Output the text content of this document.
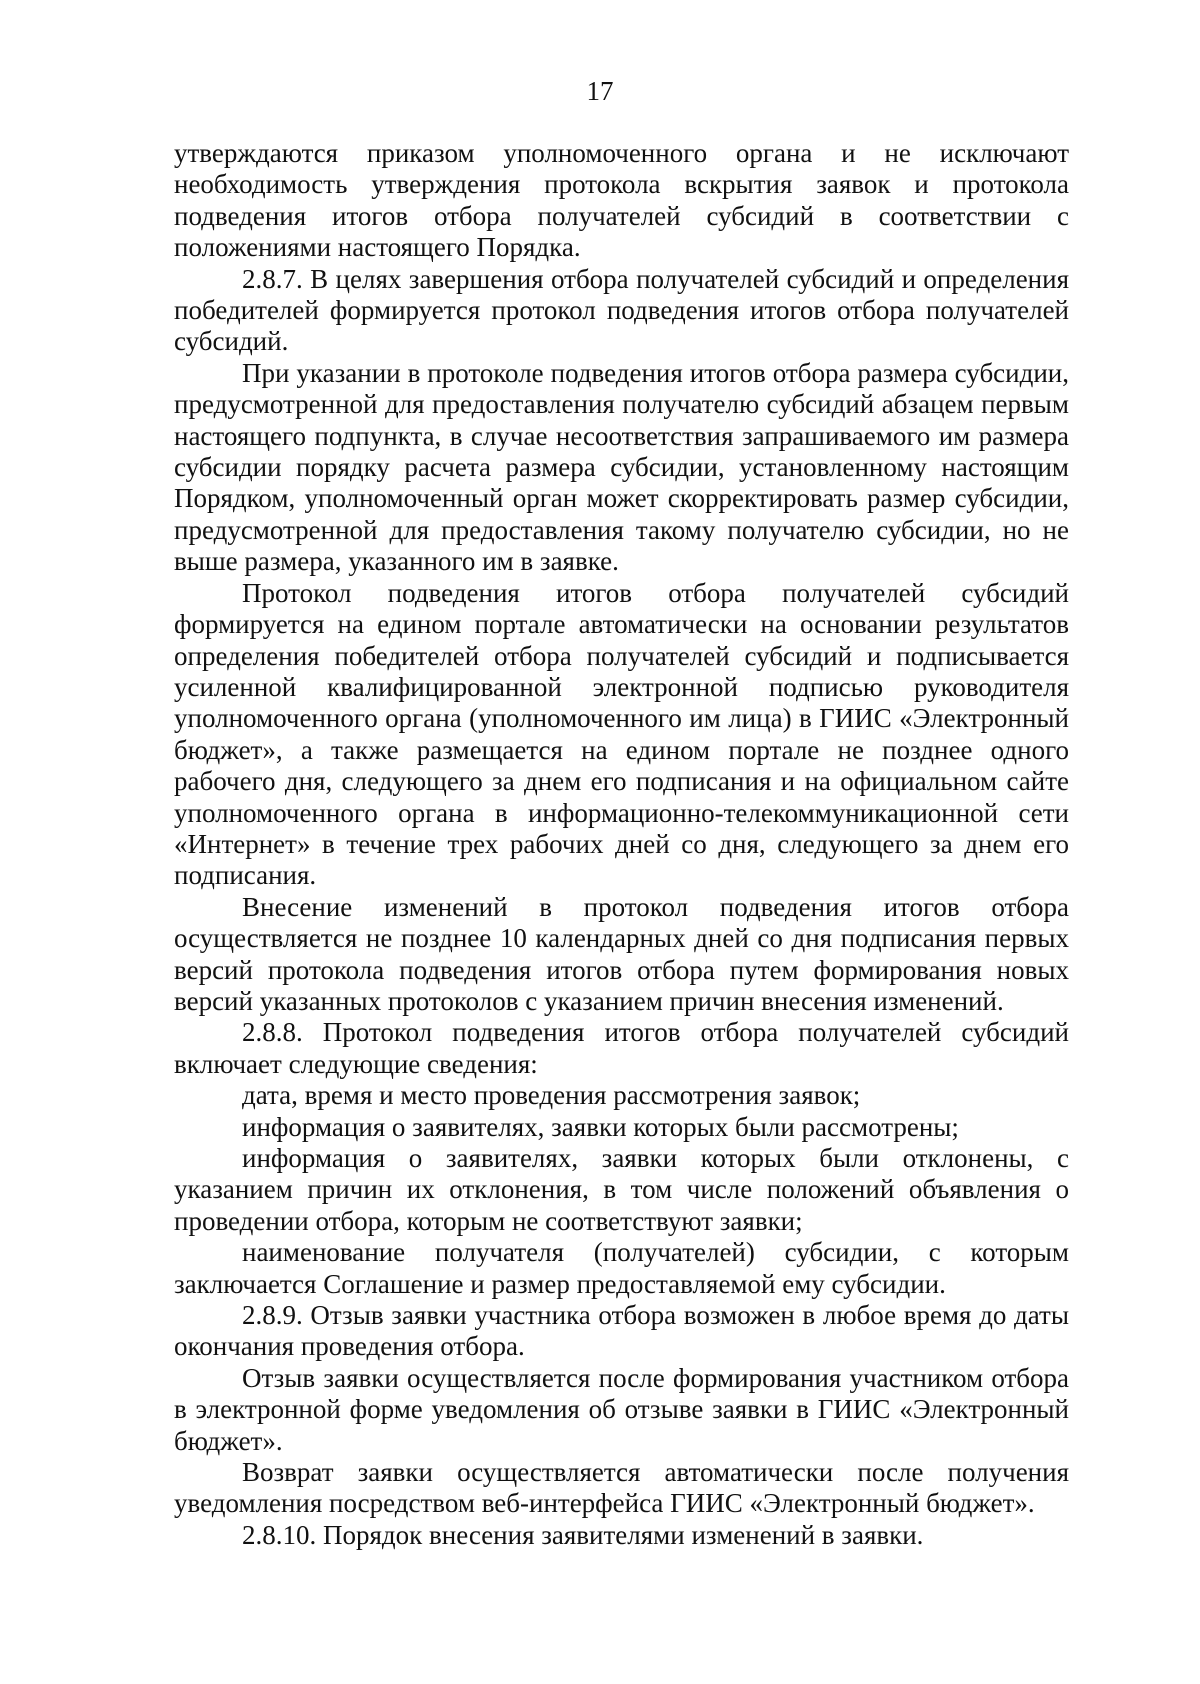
17

утверждаются приказом уполномоченного органа и не исключают необходимость утверждения протокола вскрытия заявок и протокола подведения итогов отбора получателей субсидий в соответствии с положениями настоящего Порядка.

2.8.7. В целях завершения отбора получателей субсидий и определения победителей формируется протокол подведения итогов отбора получателей субсидий.

При указании в протоколе подведения итогов отбора размера субсидии, предусмотренной для предоставления получателю субсидий абзацем первым настоящего подпункта, в случае несоответствия запрашиваемого им размера субсидии порядку расчета размера субсидии, установленному настоящим Порядком, уполномоченный орган может скорректировать размер субсидии, предусмотренной для предоставления такому получателю субсидии, но не выше размера, указанного им в заявке.

Протокол подведения итогов отбора получателей субсидий формируется на едином портале автоматически на основании результатов определения победителей отбора получателей субсидий и подписывается усиленной квалифицированной электронной подписью руководителя уполномоченного органа (уполномоченного им лица) в ГИИС «Электронный бюджет», а также размещается на едином портале не позднее одного рабочего дня, следующего за днем его подписания и на официальном сайте уполномоченного органа в информационно-телекоммуникационной сети «Интернет» в течение трех рабочих дней со дня, следующего за днем его подписания.

Внесение изменений в протокол подведения итогов отбора осуществляется не позднее 10 календарных дней со дня подписания первых версий протокола подведения итогов отбора путем формирования новых версий указанных протоколов с указанием причин внесения изменений.

2.8.8. Протокол подведения итогов отбора получателей субсидий включает следующие сведения:

дата, время и место проведения рассмотрения заявок;

информация о заявителях, заявки которых были рассмотрены;

информация о заявителях, заявки которых были отклонены, с указанием причин их отклонения, в том числе положений объявления о проведении отбора, которым не соответствуют заявки;

наименование получателя (получателей) субсидии, с которым заключается Соглашение и размер предоставляемой ему субсидии.

2.8.9. Отзыв заявки участника отбора возможен в любое время до даты окончания проведения отбора.

Отзыв заявки осуществляется после формирования участником отбора в электронной форме уведомления об отзыве заявки в ГИИС «Электронный бюджет».

Возврат заявки осуществляется автоматически после получения уведомления посредством веб-интерфейса ГИИС «Электронный бюджет».

2.8.10. Порядок внесения заявителями изменений в заявки.
